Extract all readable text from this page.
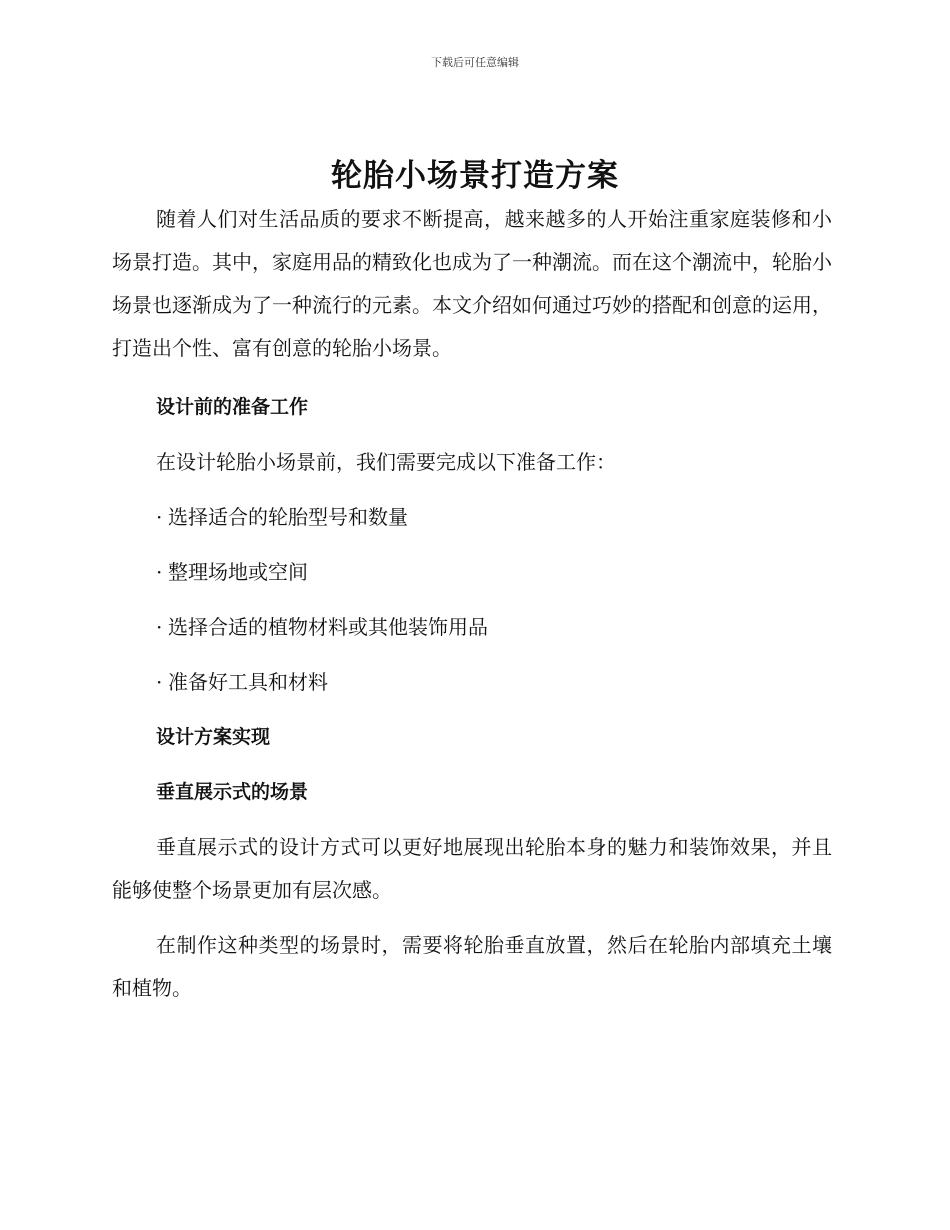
下载后可任意编辑
轮胎小场景打造方案

随着人们对生活品质的要求不断提高，越来越多的人开始注重家庭装修和小场景打造。其中，家庭用品的精致化也成为了一种潮流。而在这个潮流中，轮胎小场景也逐渐成为了一种流行的元素。本文介绍如何通过巧妙的搭配和创意的运用，打造出个性、富有创意的轮胎小场景。

设计前的准备工作

在设计轮胎小场景前，我们需要完成以下准备工作：

· 选择适合的轮胎型号和数量
· 整理场地或空间
· 选择合适的植物材料或其他装饰用品
· 准备好工具和材料
设计方案实现
垂直展示式的场景

垂直展示式的设计方式可以更好地展现出轮胎本身的魅力和装饰效果，并且能够使整个场景更加有层次感。

在制作这种类型的场景时，需要将轮胎垂直放置，然后在轮胎内部填充土壤和植物。
